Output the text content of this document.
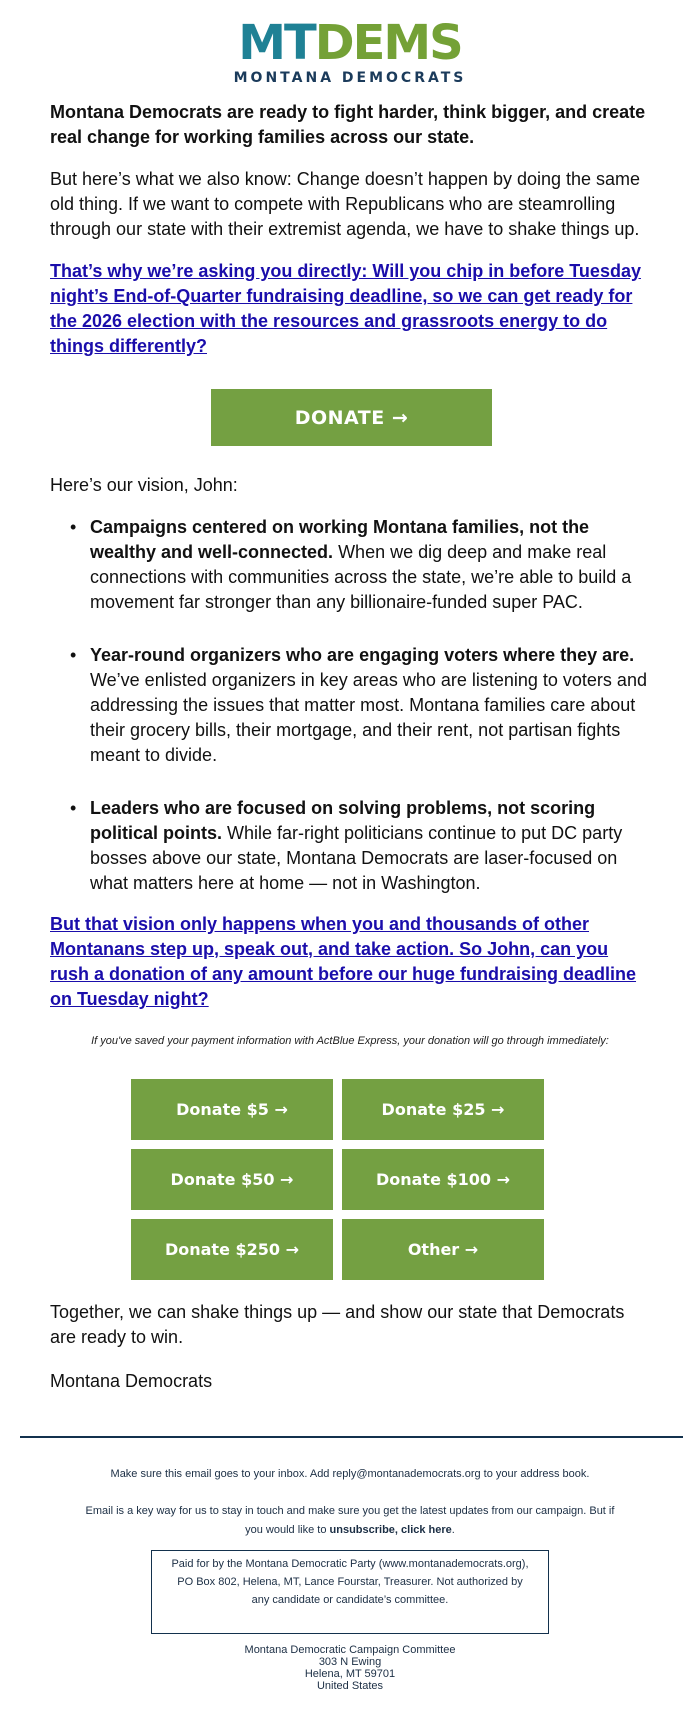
MTDEMS
MONTANA DEMOCRATS

Montana Democrats are ready to fight harder, think bigger, and create real change for working families across our state.

But here’s what we also know: Change doesn’t happen by doing the same old thing. If we want to compete with Republicans who are steamrolling through our state with their extremist agenda, we have to shake things up.

That’s why we’re asking you directly: Will you chip in before Tuesday night’s End-of-Quarter fundraising deadline, so we can get ready for the 2026 election with the resources and grassroots energy to do things differently?
DONATE →

Here’s our vision, John:

• Campaigns centered on working Montana families, not the wealthy and well-connected. When we dig deep and make real connections with communities across the state, we’re able to build a movement far stronger than any billionaire-funded super PAC.
• Year-round organizers who are engaging voters where they are. We’ve enlisted organizers in key areas who are listening to voters and addressing the issues that matter most. Montana families care about their grocery bills, their mortgage, and their rent, not partisan fights meant to divide.
• Leaders who are focused on solving problems, not scoring political points. While far-right politicians continue to put DC party bosses above our state, Montana Democrats are laser-focused on what matters here at home — not in Washington.
But that vision only happens when you and thousands of other Montanans step up, speak out, and take action. So John, can you rush a donation of any amount before our huge fundraising deadline on Tuesday night?
If you've saved your payment information with ActBlue Express, your donation will go through immediately:
Donate $5 →	Donate $25 →
Donate $50 →	Donate $100 →
Donate $250 →	Other →

Together, we can shake things up — and show our state that Democrats are ready to win.

Montana Democrats

Make sure this email goes to your inbox. Add reply@montanademocrats.org to your address book.
Email is a key way for us to stay in touch and make sure you get the latest updates from our campaign. But if you would like to unsubscribe, click here.
Paid for by the Montana Democratic Party (www.montanademocrats.org), PO Box 802, Helena, MT, Lance Fourstar, Treasurer. Not authorized by any candidate or candidate’s committee.
Montana Democratic Campaign Committee
303 N Ewing
Helena, MT 59701
United States
